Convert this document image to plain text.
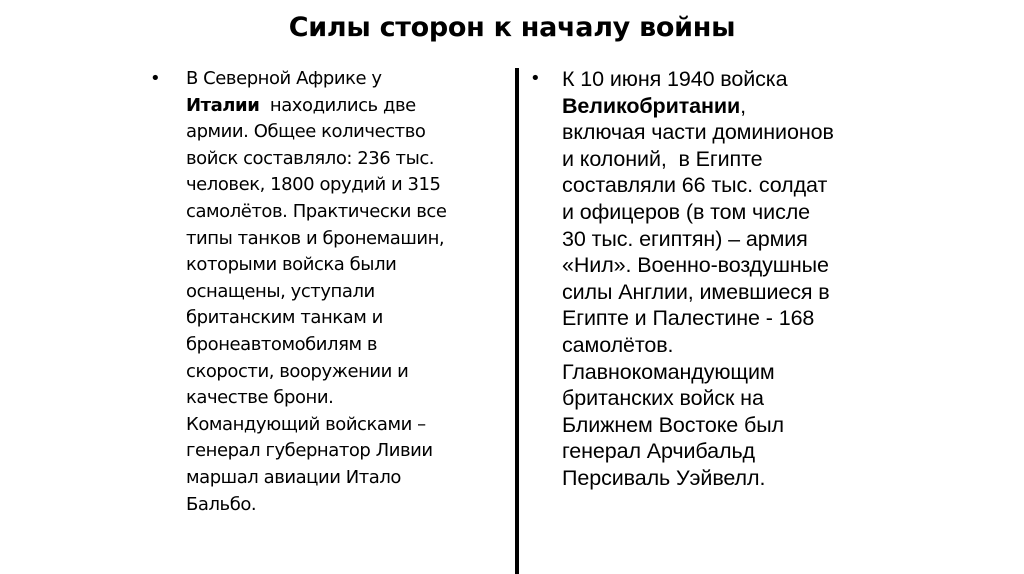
Силы сторон к началу войны
• В Северной Африке у
Италии  находились две
армии. Общее количество
войск составляло: 236 тыс.
человек, 1800 орудий и 315
самолётов. Практически все
типы танков и бронемашин,
которыми войска были
оснащены, уступали
британским танкам и
бронеавтомобилям в
скорости, вооружении и
качестве брони.
Командующий войсками –
генерал губернатор Ливии
маршал авиации Итало
Бальбо.
• К 10 июня 1940 войска
Великобритании,
включая части доминионов
и колоний,  в Египте
составляли 66 тыс. солдат
и офицеров (в том числе
30 тыс. египтян) – армия
«Нил». Военно-воздушные
силы Англии, имевшиеся в
Египте и Палестине - 168
самолётов.
Главнокомандующим
британских войск на
Ближнем Востоке был
генерал Арчибальд
Персиваль Уэйвелл.
